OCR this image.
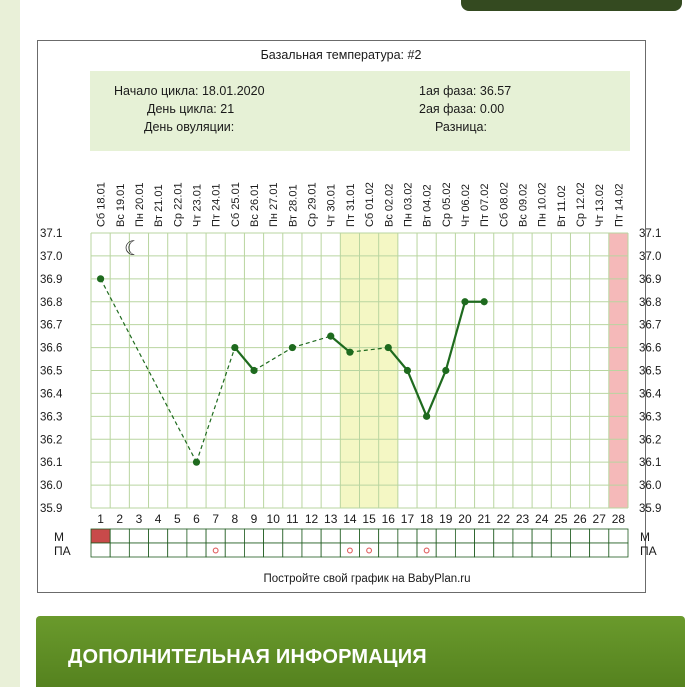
37.1	37.1
37.0	37.0
36.9	36.9
36.8	36.8
36.7	36.7
36.6	36.6
36.5	36.5
36.4	36.4
36.3	36.3
36.2	36.2
36.1	36.1
36.0	36.0
35.9	35.9
Сб 18.01 Вс 19.01 Пн 20.01 Вт 21.01 Ср 22.01 Чт 23.01 Пт 24.01 Сб 25.01 Вс 26.01 Пн 27.01 Вт 28.01 Ср 29.01 Чт 30.01 Пт 31.01 Сб 01.02 Вс 02.02 Пн 03.02 Вт 04.02 Ср 05.02 Чт 06.02 Пт 07.02 Сб 08.02 Вс 09.02 Пн 10.02 Вт 11.02 Ср 12.02 Чт 13.02 Пт 14.02
1 2 3 4 5 6 7 8 9 10 11 12 13 14 15 16 17 18 19 20 21 22 23 24 25 26 27 28
Базальная температура: #2
Начало цикла: 18.01.2020
День цикла: 21
День овуляции:
1ая фаза: 36.57
2ая фаза: 0.00
Разница:
☾
М
ПА
М
ПА
Постройте свой график на BabyPlan.ru
ДОПОЛНИТЕЛЬНАЯ ИНФОРМАЦИЯ
